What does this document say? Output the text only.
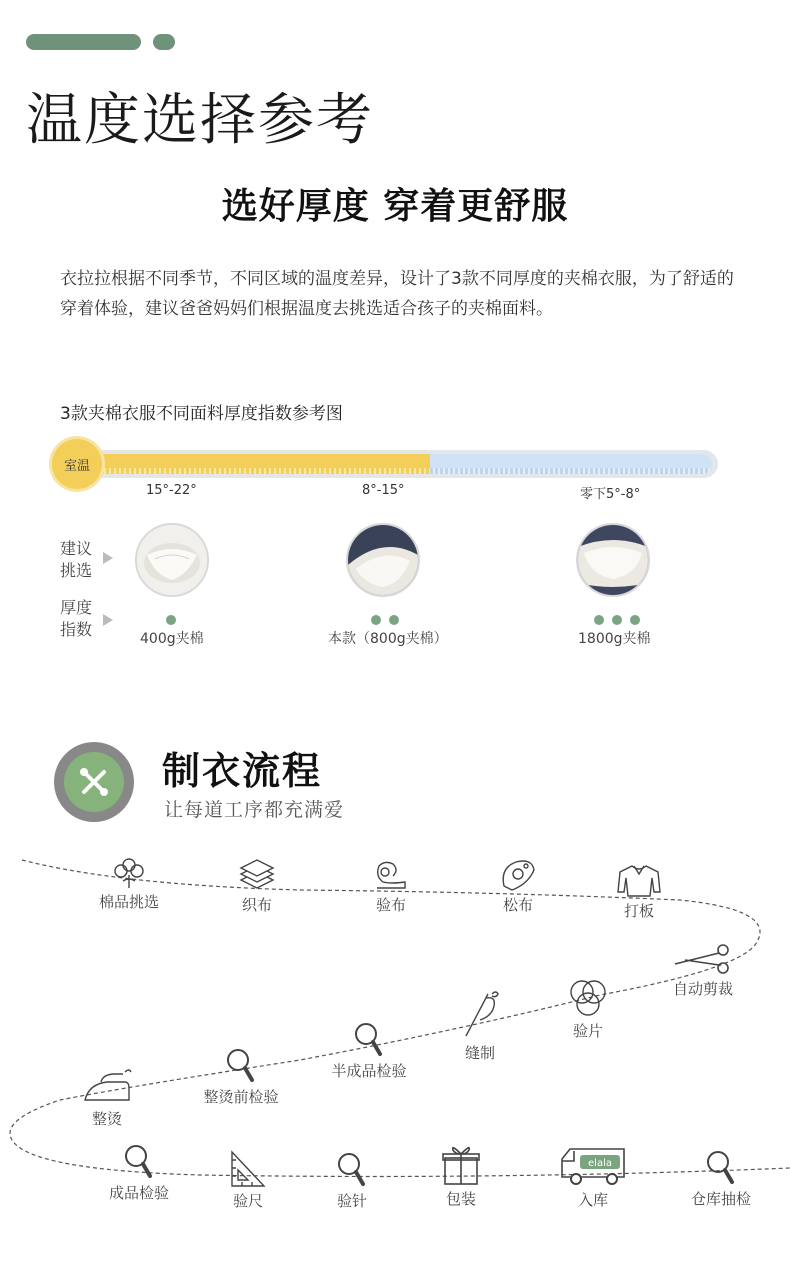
温度选择参考
选好厚度 穿着更舒服
衣拉拉根据不同季节，不同区域的温度差异，设计了3款不同厚度的夹棉衣服，为了舒适的穿着体验，建议爸爸妈妈们根据温度去挑选适合孩子的夹棉面料。
3款夹棉衣服不同面料厚度指数参考图
室温
15°-22°	8°-15°	零下5°-8°
建议
挑选
厚度
指数	400g夹棉	本款（800g夹棉）	1800g夹棉
制衣流程
让每道工序都充满爱
棉品挑选	织布	验布	松布	打板
自动剪裁
验片
缝制
半成品检验
整烫前检验
整烫
成品检验	验尺	验针	包装
elala
入库	仓库抽检
